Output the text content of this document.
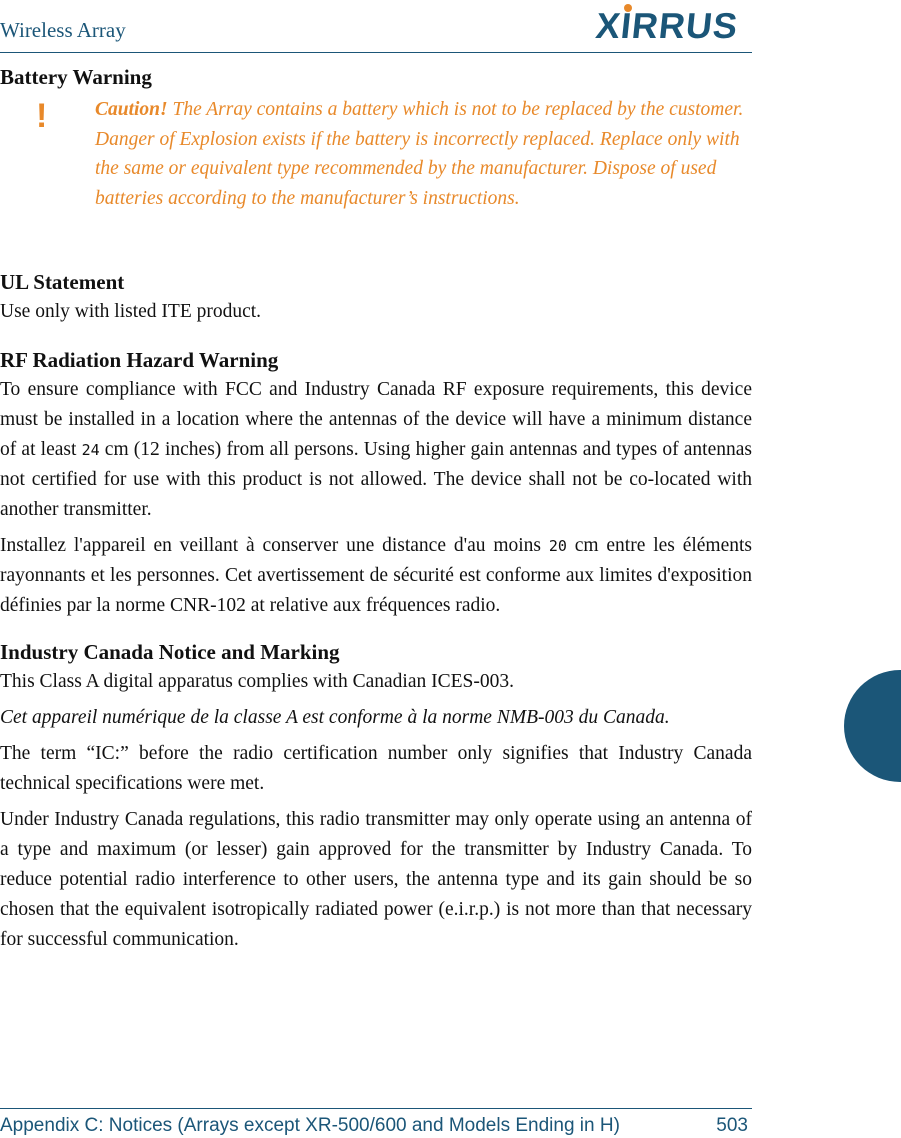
Wireless Array	XIRRUS
Battery Warning
! Caution! The Array contains a battery which is not to be replaced by the customer. Danger of Explosion exists if the battery is incorrectly replaced. Replace only with the same or equivalent type recommended by the manufacturer. Dispose of used batteries according to the manufacturer’s instructions.
UL Statement

Use only with listed ITE product.

RF Radiation Hazard Warning

To ensure compliance with FCC and Industry Canada RF exposure requirements, this device must be installed in a location where the antennas of the device will have a minimum distance of at least 24 cm (12 inches) from all persons. Using higher gain antennas and types of antennas not certified for use with this product is not allowed. The device shall not be co-located with another transmitter.

Installez l'appareil en veillant à conserver une distance d'au moins 20 cm entre les éléments rayonnants et les personnes. Cet avertissement de sécurité est conforme aux limites d'exposition définies par la norme CNR-102 at relative aux fréquences radio.

Industry Canada Notice and Marking

This Class A digital apparatus complies with Canadian ICES-003.

Cet appareil numérique de la classe A est conforme à la norme NMB-003 du Canada.

The term “IC:” before the radio certification number only signifies that Industry Canada technical specifications were met.

Under Industry Canada regulations, this radio transmitter may only operate using an antenna of a type and maximum (or lesser) gain approved for the transmitter by Industry Canada. To reduce potential radio interference to other users, the antenna type and its gain should be so chosen that the equivalent isotropically radiated power (e.i.r.p.) is not more than that necessary for successful communication.

Appendix C: Notices (Arrays except XR-500/600 and Models Ending in H)	503
